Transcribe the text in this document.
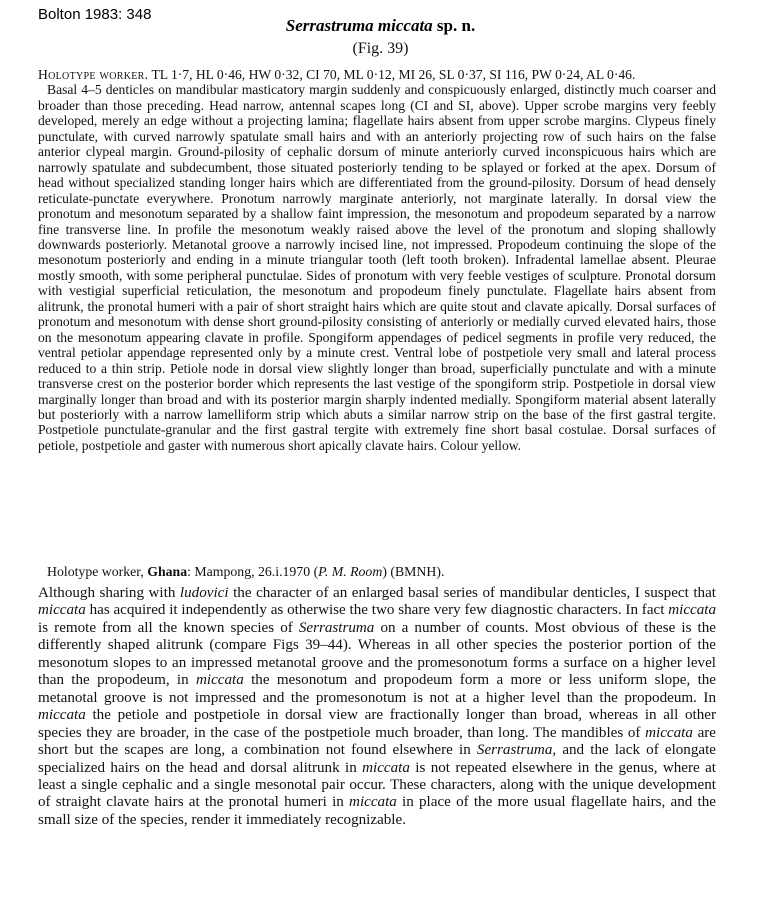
Bolton 1983: 348
Serrastruma miccata sp. n.
(Fig. 39)

Holotype worker. TL 1·7, HL 0·46, HW 0·32, CI 70, ML 0·12, MI 26, SL 0·37, SI 116, PW 0·24, AL 0·46.

Basal 4–5 denticles on mandibular masticatory margin suddenly and conspicuously enlarged, distinctly much coarser and broader than those preceding. Head narrow, antennal scapes long (CI and SI, above). Upper scrobe margins very feebly developed, merely an edge without a projecting lamina; flagellate hairs absent from upper scrobe margins. Clypeus finely punctulate, with curved narrowly spatulate small hairs and with an anteriorly projecting row of such hairs on the false anterior clypeal margin. Ground-pilosity of cephalic dorsum of minute anteriorly curved inconspicuous hairs which are narrowly spatulate and subdecumbent, those situated posteriorly tending to be splayed or forked at the apex. Dorsum of head without specialized standing longer hairs which are differentiated from the ground-pilosity. Dorsum of head densely reticulate-punctate everywhere. Pronotum narrowly marginate anteriorly, not marginate laterally. In dorsal view the pronotum and mesonotum separated by a shallow faint impression, the mesonotum and propodeum separated by a narrow fine transverse line. In profile the mesonotum weakly raised above the level of the pronotum and sloping shallowly downwards posteriorly. Metanotal groove a narrowly incised line, not impressed. Propodeum continuing the slope of the mesonotum posteriorly and ending in a minute triangular tooth (left tooth broken). Infradental lamellae absent. Pleurae mostly smooth, with some peripheral punctulae. Sides of pronotum with very feeble vestiges of sculpture. Pronotal dorsum with vestigial superficial reticulation, the mesonotum and propodeum finely punctulate. Flagellate hairs absent from alitrunk, the pronotal humeri with a pair of short straight hairs which are quite stout and clavate apically. Dorsal surfaces of pronotum and mesonotum with dense short ground-pilosity consisting of anteriorly or medially curved elevated hairs, those on the mesonotum appearing clavate in profile. Spongiform appendages of pedicel segments in profile very reduced, the ventral petiolar appendage represented only by a minute crest. Ventral lobe of postpetiole very small and lateral process reduced to a thin strip. Petiole node in dorsal view slightly longer than broad, superficially punctulate and with a minute transverse crest on the posterior border which represents the last vestige of the spongiform strip. Postpetiole in dorsal view marginally longer than broad and with its posterior margin sharply indented medially. Spongiform material absent laterally but posteriorly with a narrow lamelliform strip which abuts a similar narrow strip on the base of the first gastral tergite. Postpetiole punctulate-granular and the first gastral tergite with extremely fine short basal costulae. Dorsal surfaces of petiole, postpetiole and gaster with numerous short apically clavate hairs. Colour yellow.

Holotype worker, Ghana: Mampong, 26.i.1970 (P. M. Room) (BMNH).

Although sharing with ludovici the character of an enlarged basal series of mandibular denticles, I suspect that miccata has acquired it independently as otherwise the two share very few diagnostic characters. In fact miccata is remote from all the known species of Serrastruma on a number of counts. Most obvious of these is the differently shaped alitrunk (compare Figs 39–44). Whereas in all other species the posterior portion of the mesonotum slopes to an impressed metanotal groove and the promesonotum forms a surface on a higher level than the propodeum, in miccata the mesonotum and propodeum form a more or less uniform slope, the metanotal groove is not impressed and the promesonotum is not at a higher level than the propodeum. In miccata the petiole and postpetiole in dorsal view are fractionally longer than broad, whereas in all other species they are broader, in the case of the postpetiole much broader, than long. The mandibles of miccata are short but the scapes are long, a combination not found elsewhere in Serrastruma, and the lack of elongate specialized hairs on the head and dorsal alitrunk in miccata is not repeated elsewhere in the genus, where at least a single cephalic and a single mesonotal pair occur. These characters, along with the unique development of straight clavate hairs at the pronotal humeri in miccata in place of the more usual flagellate hairs, and the small size of the species, render it immediately recognizable.
